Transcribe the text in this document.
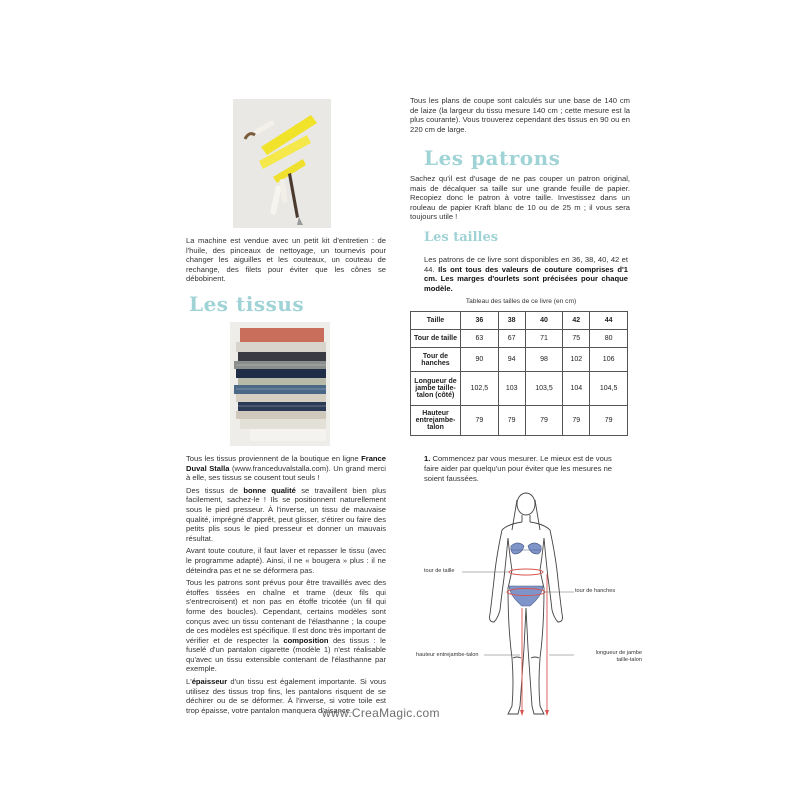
La machine est vendue avec un petit kit d'entretien : de l'huile, des pinceaux de nettoyage, un tournevis pour changer les aiguilles et les couteaux, un couteau de rechange, des filets pour éviter que les cônes se débobinent.

Les tissus

Tous les tissus proviennent de la boutique en ligne France Duval Stalla (www.franceduvalstalla.com). Un grand merci à elle, ses tissus se cousent tout seuls !

Des tissus de bonne qualité se travaillent bien plus facilement, sachez-le ! Ils se positionnent naturellement sous le pied presseur. À l'inverse, un tissu de mauvaise qualité, imprégné d'apprêt, peut glisser, s'étirer ou faire des petits plis sous le pied presseur et donner un mauvais résultat.

Avant toute couture, il faut laver et repasser le tissu (avec le programme adapté). Ainsi, il ne « bougera » plus : il ne déteindra pas et ne se déformera pas.

Tous les patrons sont prévus pour être travaillés avec des étoffes tissées en chaîne et trame (deux fils qui s'entrecroisent) et non pas en étoffe tricotée (un fil qui forme des boucles). Cependant, certains modèles sont conçus avec un tissu contenant de l'élasthanne ; la coupe de ces modèles est spécifique. Il est donc très important de vérifier et de respecter la composition des tissus : le fuselé d'un pantalon cigarette (modèle 1) n'est réalisable qu'avec un tissu extensible contenant de l'élasthanne par exemple.

L'épaisseur d'un tissu est également importante. Si vous utilisez des tissus trop fins, les pantalons risquent de se déchirer ou de se déformer. À l'inverse, si votre toile est trop épaisse, votre pantalon manquera d'aisance.

Tous les plans de coupe sont calculés sur une base de 140 cm de laize (la largeur du tissu mesure 140 cm ; cette mesure est la plus courante). Vous trouverez cependant des tissus en 90 ou en 220 cm de large.

Les patrons

Sachez qu'il est d'usage de ne pas couper un patron original, mais de décalquer sa taille sur une grande feuille de papier. Recopiez donc le patron à votre taille. Investissez dans un rouleau de papier Kraft blanc de 10 ou de 25 m ; il vous sera toujours utile !

Les tailles

Les patrons de ce livre sont disponibles en 36, 38, 40, 42 et 44. Ils ont tous des valeurs de couture comprises d'1 cm. Les marges d'ourlets sont précisées pour chaque modèle.

Tableau des tailles de ce livre (en cm)
Taille	36	38	40	42	44
Tour de taille	63	67	71	75	80
Tour de hanches	90	94	98	102	106
Longueur de jambe taille-talon (côté)	102,5	103	103,5	104	104,5
Hauteur entrejambe-talon	79	79	79	79	79

1. Commencez par vous mesurer. Le mieux est de vous faire aider par quelqu'un pour éviter que les mesures ne soient faussées.

tour de taille
tour de hanches
hauteur entrejambe-talon	longueur de jambe
taille-talon
www.CreaMagic.com
